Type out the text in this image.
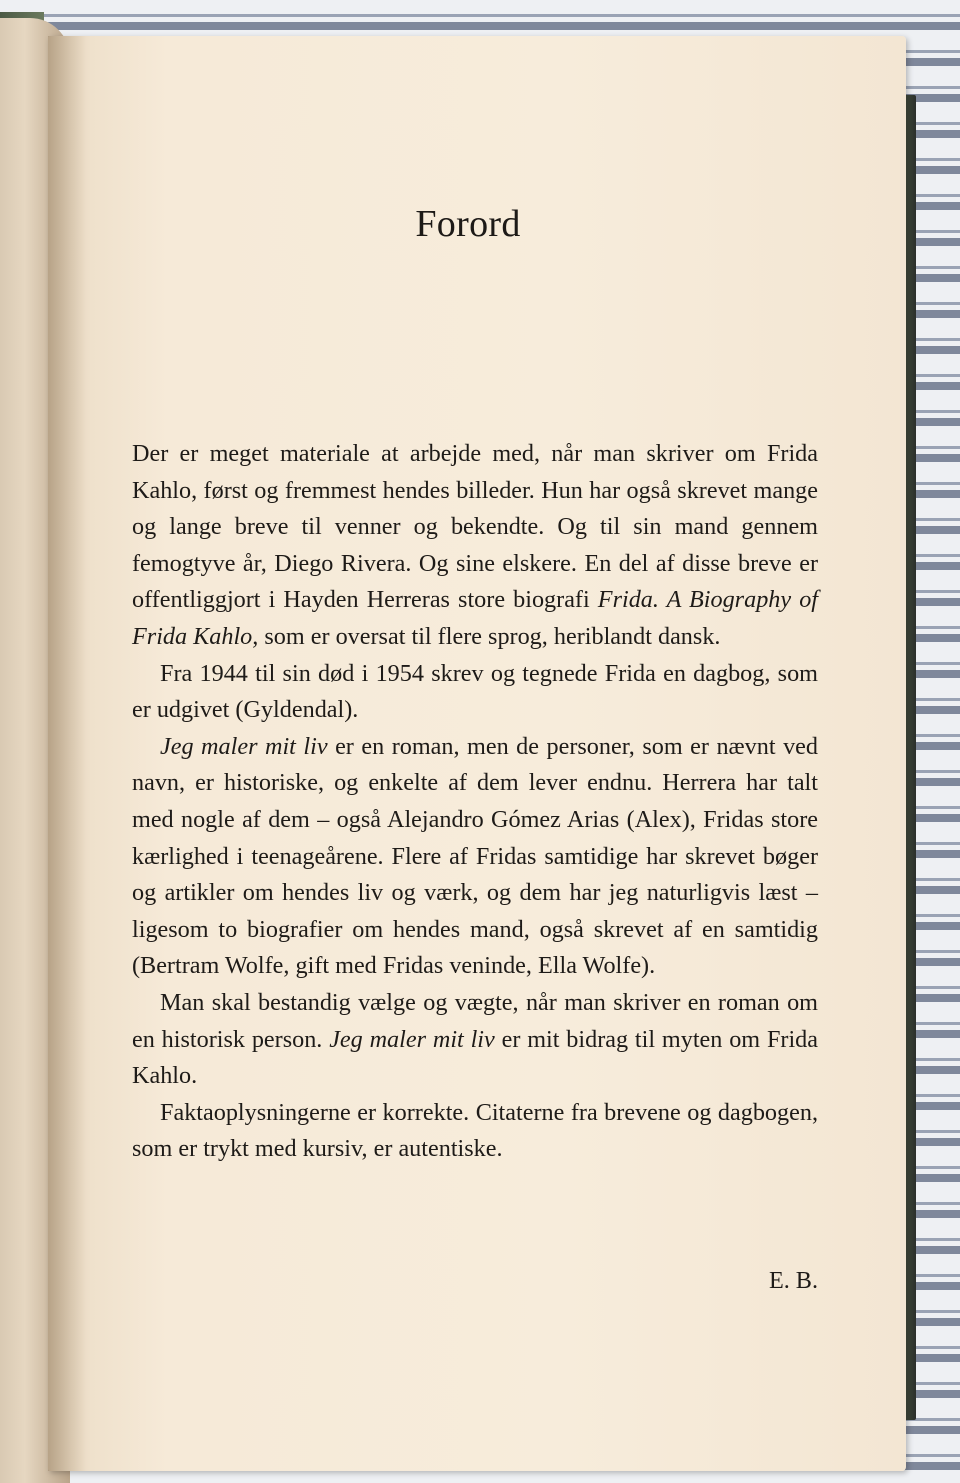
Forord

Der er meget materiale at arbejde med, når man skriver om Frida Kahlo, først og fremmest hendes billeder. Hun har også skrevet mange og lange breve til venner og bekendte. Og til sin mand gennem femogtyve år, Diego Rivera. Og sine elskere. En del af disse breve er offentliggjort i Hayden Herreras store biografi Frida. A Biography of Frida Kahlo, som er oversat til flere sprog, heriblandt dansk.

Fra 1944 til sin død i 1954 skrev og tegnede Frida en dagbog, som er udgivet (Gyldendal).

Jeg maler mit liv er en roman, men de personer, som er nævnt ved navn, er historiske, og enkelte af dem lever endnu. Herrera har talt med nogle af dem – også Alejandro Gómez Arias (Alex), Fridas store kærlighed i teenageårene. Flere af Fridas samtidige har skrevet bøger og artikler om hendes liv og værk, og dem har jeg naturligvis læst – ligesom to biografier om hendes mand, også skrevet af en samtidig (Bertram Wolfe, gift med Fridas veninde, Ella Wolfe).

Man skal bestandig vælge og vægte, når man skriver en roman om en historisk person. Jeg maler mit liv er mit bidrag til myten om Frida Kahlo.

Faktaoplysningerne er korrekte. Citaterne fra brevene og dagbogen, som er trykt med kursiv, er autentiske.

E. B.
